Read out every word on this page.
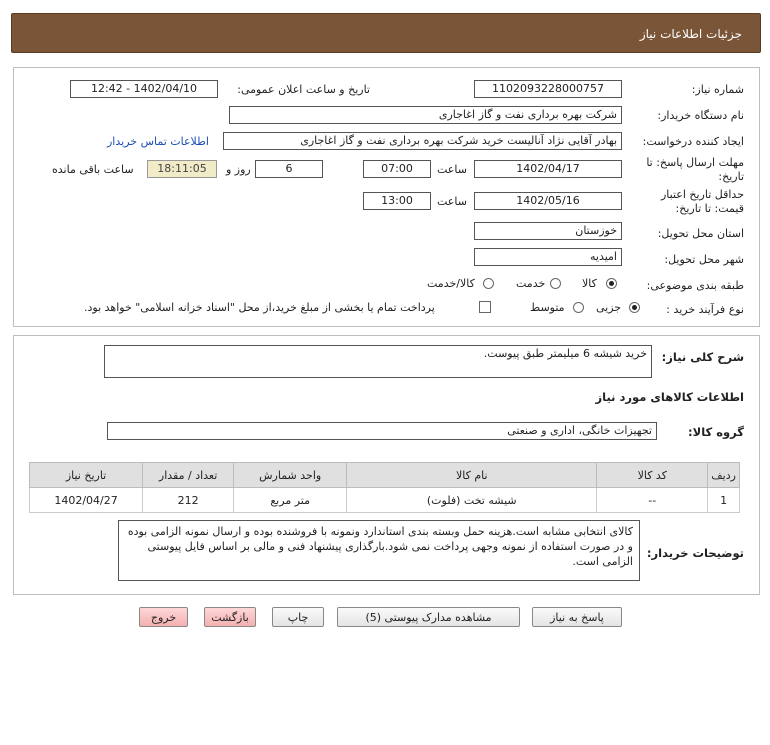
جزئیات اطلاعات نیاز
شماره نیاز:
1102093228000757
تاریخ و ساعت اعلان عمومی:
1402/04/10 - 12:42
نام دستگاه خریدار:
شرکت بهره برداری نفت و گاز اغاجاری
ایجاد کننده درخواست:
بهادر آقایی نژاد آنالیست خرید شرکت بهره برداری نفت و گاز اغاجاری
اطلاعات تماس خریدار
مهلت ارسال پاسخ: تا
تاریخ:
1402/04/17
ساعت
07:00
6
روز و
18:11:05
ساعت باقی مانده
حداقل تاریخ اعتبار
قیمت: تا تاریخ:
1402/05/16
ساعت
13:00
استان محل تحویل:
خوزستان
شهر محل تحویل:
امیدیه
طبقه بندی موضوعی:
کالا
خدمت
کالا/خدمت
نوع فرآیند خرید :
جزیی
متوسط
پرداخت تمام یا بخشی از مبلغ خرید،از محل "اسناد خزانه اسلامی" خواهد بود.
شرح کلی نیاز:
خرید شیشه 6 میلیمتر طبق پیوست.
اطلاعات کالاهای مورد نیاز
گروه کالا:
تجهیزات خانگی، اداری و صنعتی
ردیف	کد کالا	نام کالا	واحد شمارش	تعداد / مقدار	تاریخ نیاز
1	--	شیشه تخت (فلوت)	متر مربع	212	1402/04/27
توضیحات خریدار:
کالای انتخابی مشابه است.هزینه حمل وبسته بندی استاندارد ونمونه با فروشنده بوده و ارسال نمونه الزامی بوده و در صورت استفاده از نمونه وجهی پرداخت نمی شود.بارگذاری پیشنهاد فنی و مالی بر اساس فایل پیوستی الزامی است.
پاسخ به نیاز
مشاهده مدارک پیوستی (5)
چاپ
بازگشت
خروج
